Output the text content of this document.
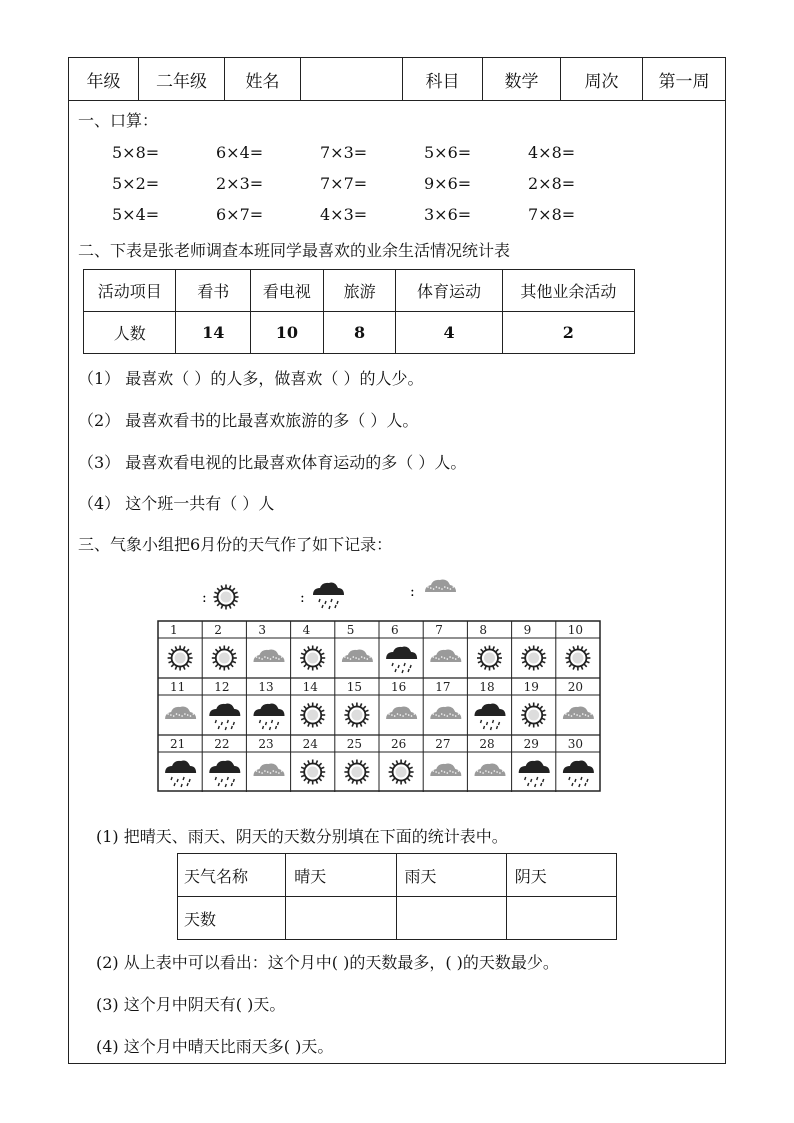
年级	二年级	姓名	科目	数学	周次	第一周
一、口算：
5×8=	6×4=	7×3=	5×6=	4×8=
5×2=	2×3=	7×7=	9×6=	2×8=
5×4=	6×7=	4×3=	3×6=	7×8=
二、下表是张老师调查本班同学最喜欢的业余生活情况统计表
活动项目	看书	看电视	旅游	体育运动	其他业余活动
人数	14	10	8	4	2
（1） 最喜欢（ ）的人多，做喜欢（ ）的人少。
（2） 最喜欢看书的比最喜欢旅游的多（ ）人。
（3） 最喜欢看电视的比最喜欢体育运动的多（ ）人。
（4） 这个班一共有（ ）人
三、气象小组把6月份的天气作了如下记录：
:	:	:
1	2	3	4	5	6	7	8	9	10
11 12 13 14 15 16 17 18 19 20
21 22 23 24 25 26 27 28 29 30
(1) 把晴天、雨天、阴天的天数分别填在下面的统计表中。
天气名称	晴天	雨天	阴天
天数			
(2) 从上表中可以看出：这个月中( )的天数最多，( )的天数最少。
(3) 这个月中阴天有( )天。
(4) 这个月中晴天比雨天多( )天。
